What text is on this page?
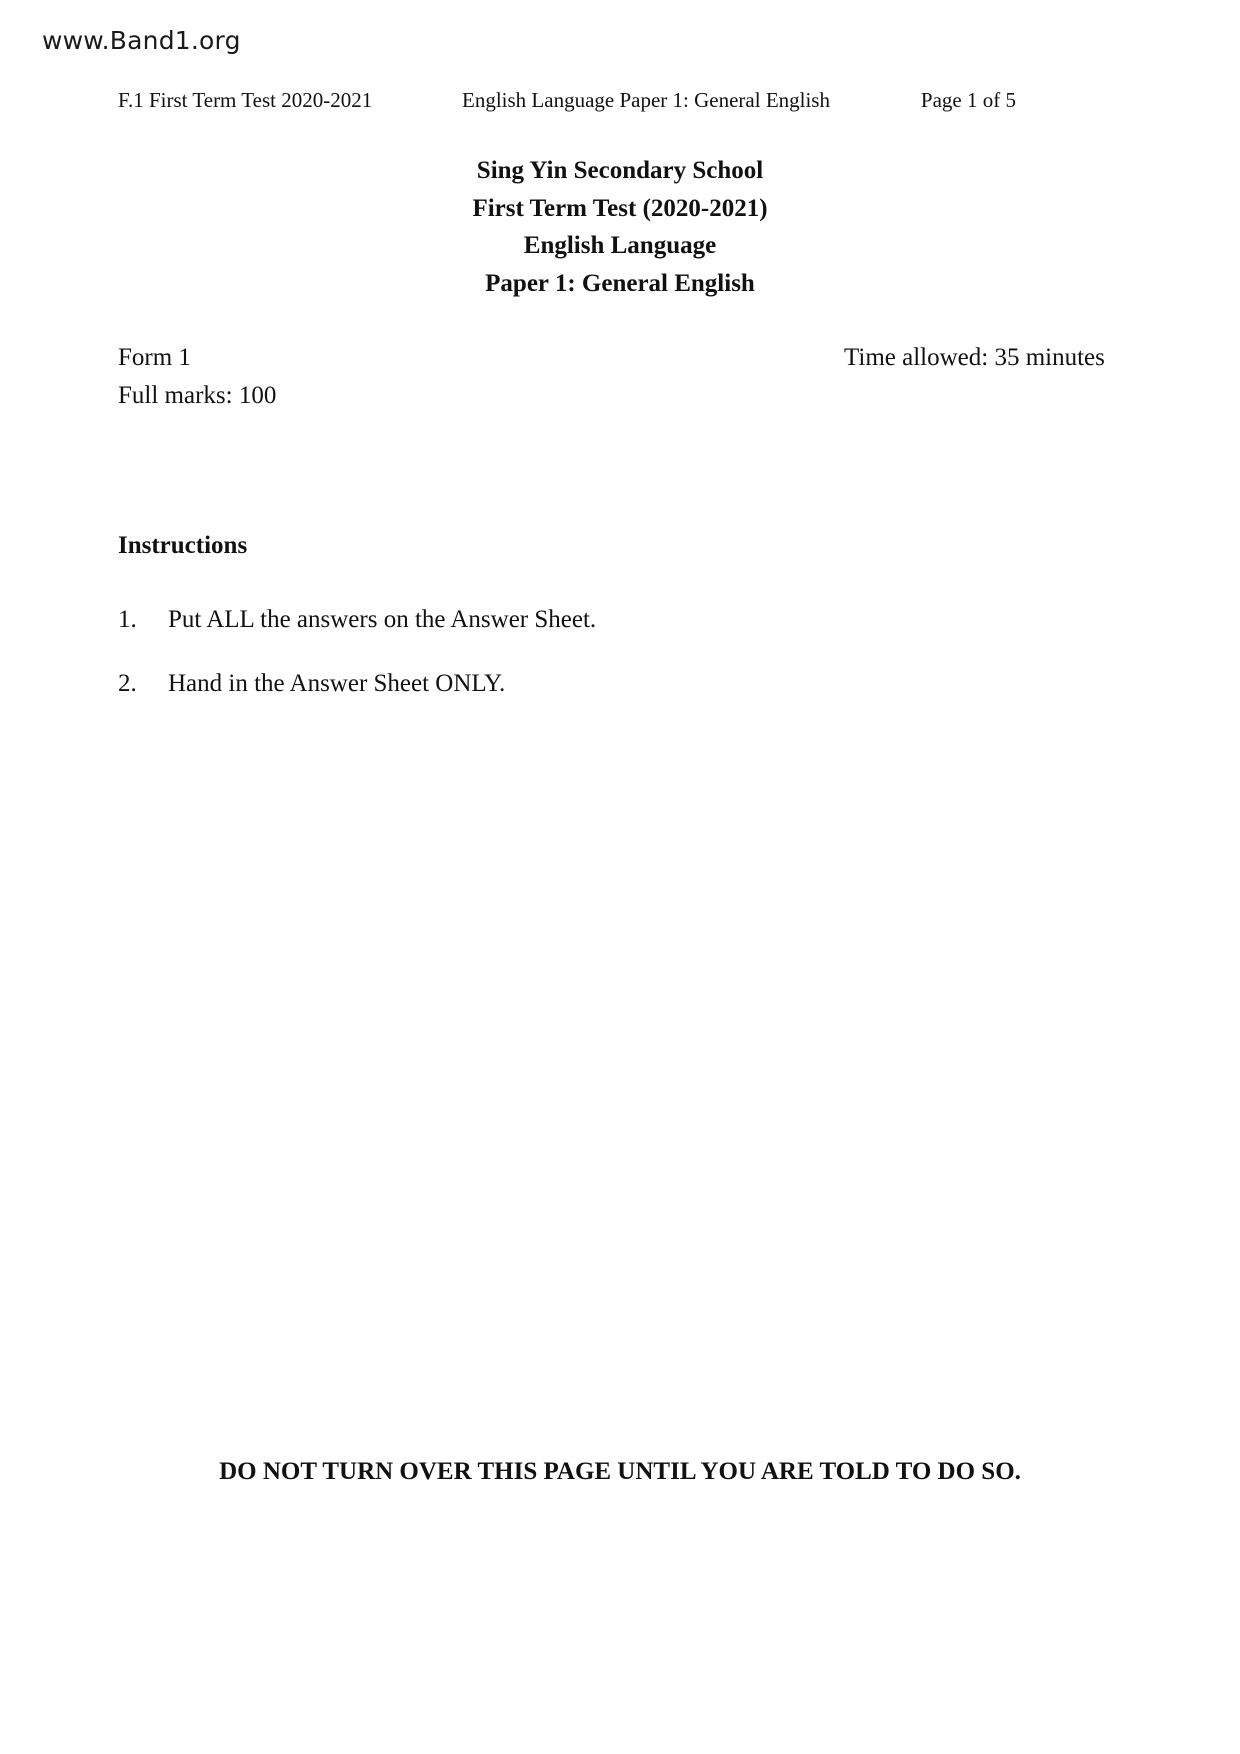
www.Band1.org
F.1 First Term Test 2020-2021	English Language Paper 1: General English	Page 1 of 5
Sing Yin Secondary School
First Term Test (2020-2021)
English Language
Paper 1: General English
Form 1
Full marks: 100
Time allowed: 35 minutes
Instructions
1. Put ALL the answers on the Answer Sheet.
2. Hand in the Answer Sheet ONLY.
DO NOT TURN OVER THIS PAGE UNTIL YOU ARE TOLD TO DO SO.
